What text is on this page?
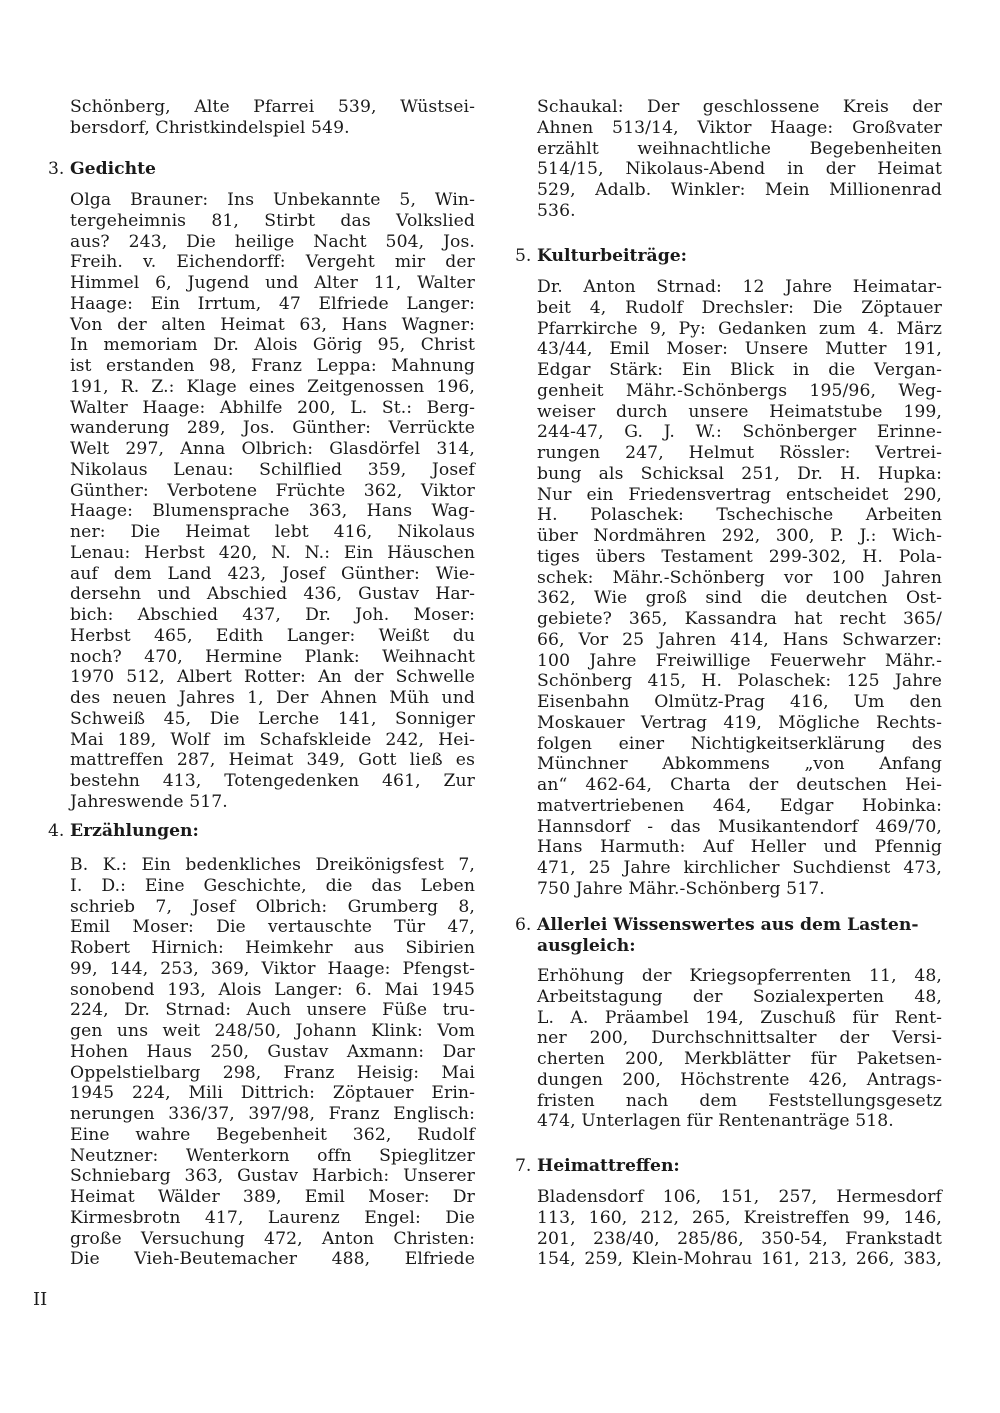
Schönberg, Alte Pfarrei 539, Wüstsei-
bersdorf, Christkindelspiel 549.
3. Gedichte
Olga Brauner: Ins Unbekannte 5, Win-
tergeheimnis 81, Stirbt das Volkslied
aus? 243, Die heilige Nacht 504, Jos.
Freih. v. Eichendorff: Vergeht mir der
Himmel 6, Jugend und Alter 11, Walter
Haage: Ein Irrtum, 47 Elfriede Langer:
Von der alten Heimat 63, Hans Wagner:
In memoriam Dr. Alois Görig 95, Christ
ist erstanden 98, Franz Leppa: Mahnung
191, R. Z.: Klage eines Zeitgenossen 196,
Walter Haage: Abhilfe 200, L. St.: Berg-
wanderung 289, Jos. Günther: Verrückte
Welt 297, Anna Olbrich: Glasdörfel 314,
Nikolaus Lenau: Schilflied 359, Josef
Günther: Verbotene Früchte 362, Viktor
Haage: Blumensprache 363, Hans Wag-
ner: Die Heimat lebt 416, Nikolaus
Lenau: Herbst 420, N. N.: Ein Häuschen
auf dem Land 423, Josef Günther: Wie-
dersehn und Abschied 436, Gustav Har-
bich: Abschied 437, Dr. Joh. Moser:
Herbst 465, Edith Langer: Weißt du
noch? 470, Hermine Plank: Weihnacht
1970 512, Albert Rotter: An der Schwelle
des neuen Jahres 1, Der Ahnen Müh und
Schweiß 45, Die Lerche 141, Sonniger
Mai 189, Wolf im Schafskleide 242, Hei-
mattreffen 287, Heimat 349, Gott ließ es
bestehn 413, Totengedenken 461, Zur
Jahreswende 517.
4. Erzählungen:
B. K.: Ein bedenkliches Dreikönigsfest 7,
I. D.: Eine Geschichte, die das Leben
schrieb 7, Josef Olbrich: Grumberg 8,
Emil Moser: Die vertauschte Tür 47,
Robert Hirnich: Heimkehr aus Sibirien
99, 144, 253, 369, Viktor Haage: Pfengst-
sonobend 193, Alois Langer: 6. Mai 1945
224, Dr. Strnad: Auch unsere Füße tru-
gen uns weit 248/50, Johann Klink: Vom
Hohen Haus 250, Gustav Axmann: Dar
Oppelstielbarg 298, Franz Heisig: Mai
1945 224, Mili Dittrich: Zöptauer Erin-
nerungen 336/37, 397/98, Franz Englisch:
Eine wahre Begebenheit 362, Rudolf
Neutzner: Wenterkorn offn Spieglitzer
Schniebarg 363, Gustav Harbich: Unserer
Heimat Wälder 389, Emil Moser: Dr
Kirmesbrotn 417, Laurenz Engel: Die
große Versuchung 472, Anton Christen:
Die Vieh-Beutemacher 488, Elfriede
II
Schaukal: Der geschlossene Kreis der
Ahnen 513/14, Viktor Haage: Großvater
erzählt weihnachtliche Begebenheiten
514/15, Nikolaus-Abend in der Heimat
529, Adalb. Winkler: Mein Millionenrad
536.
5. Kulturbeiträge:
Dr. Anton Strnad: 12 Jahre Heimatar-
beit 4, Rudolf Drechsler: Die Zöptauer
Pfarrkirche 9, Py: Gedanken zum 4. März
43/44, Emil Moser: Unsere Mutter 191,
Edgar Stärk: Ein Blick in die Vergan-
genheit Mähr.-Schönbergs 195/96, Weg-
weiser durch unsere Heimatstube 199,
244-47, G. J. W.: Schönberger Erinne-
rungen 247, Helmut Rössler: Vertrei-
bung als Schicksal 251, Dr. H. Hupka:
Nur ein Friedensvertrag entscheidet 290,
H. Polaschek: Tschechische Arbeiten
über Nordmähren 292, 300, P. J.: Wich-
tiges übers Testament 299-302, H. Pola-
schek: Mähr.-Schönberg vor 100 Jahren
362, Wie groß sind die deutchen Ost-
gebiete? 365, Kassandra hat recht 365/
66, Vor 25 Jahren 414, Hans Schwarzer:
100 Jahre Freiwillige Feuerwehr Mähr.-
Schönberg 415, H. Polaschek: 125 Jahre
Eisenbahn Olmütz-Prag 416, Um den
Moskauer Vertrag 419, Mögliche Rechts-
folgen einer Nichtigkeitserklärung des
Münchner Abkommens „von Anfang
an“ 462-64, Charta der deutschen Hei-
matvertriebenen 464, Edgar Hobinka:
Hannsdorf - das Musikantendorf 469/70,
Hans Harmuth: Auf Heller und Pfennig
471, 25 Jahre kirchlicher Suchdienst 473,
750 Jahre Mähr.-Schönberg 517.
6. Allerlei Wissenswertes aus dem Lasten-
ausgleich:
Erhöhung der Kriegsopferrenten 11, 48,
Arbeitstagung der Sozialexperten 48,
L. A. Präambel 194, Zuschuß für Rent-
ner 200, Durchschnittsalter der Versi-
cherten 200, Merkblätter für Paketsen-
dungen 200, Höchstrente 426, Antrags-
fristen nach dem Feststellungsgesetz
474, Unterlagen für Rentenanträge 518.
7. Heimattreffen:
Bladensdorf 106, 151, 257, Hermesdorf
113, 160, 212, 265, Kreistreffen 99, 146,
201, 238/40, 285/86, 350-54, Frankstadt
154, 259, Klein-Mohrau 161, 213, 266, 383,
